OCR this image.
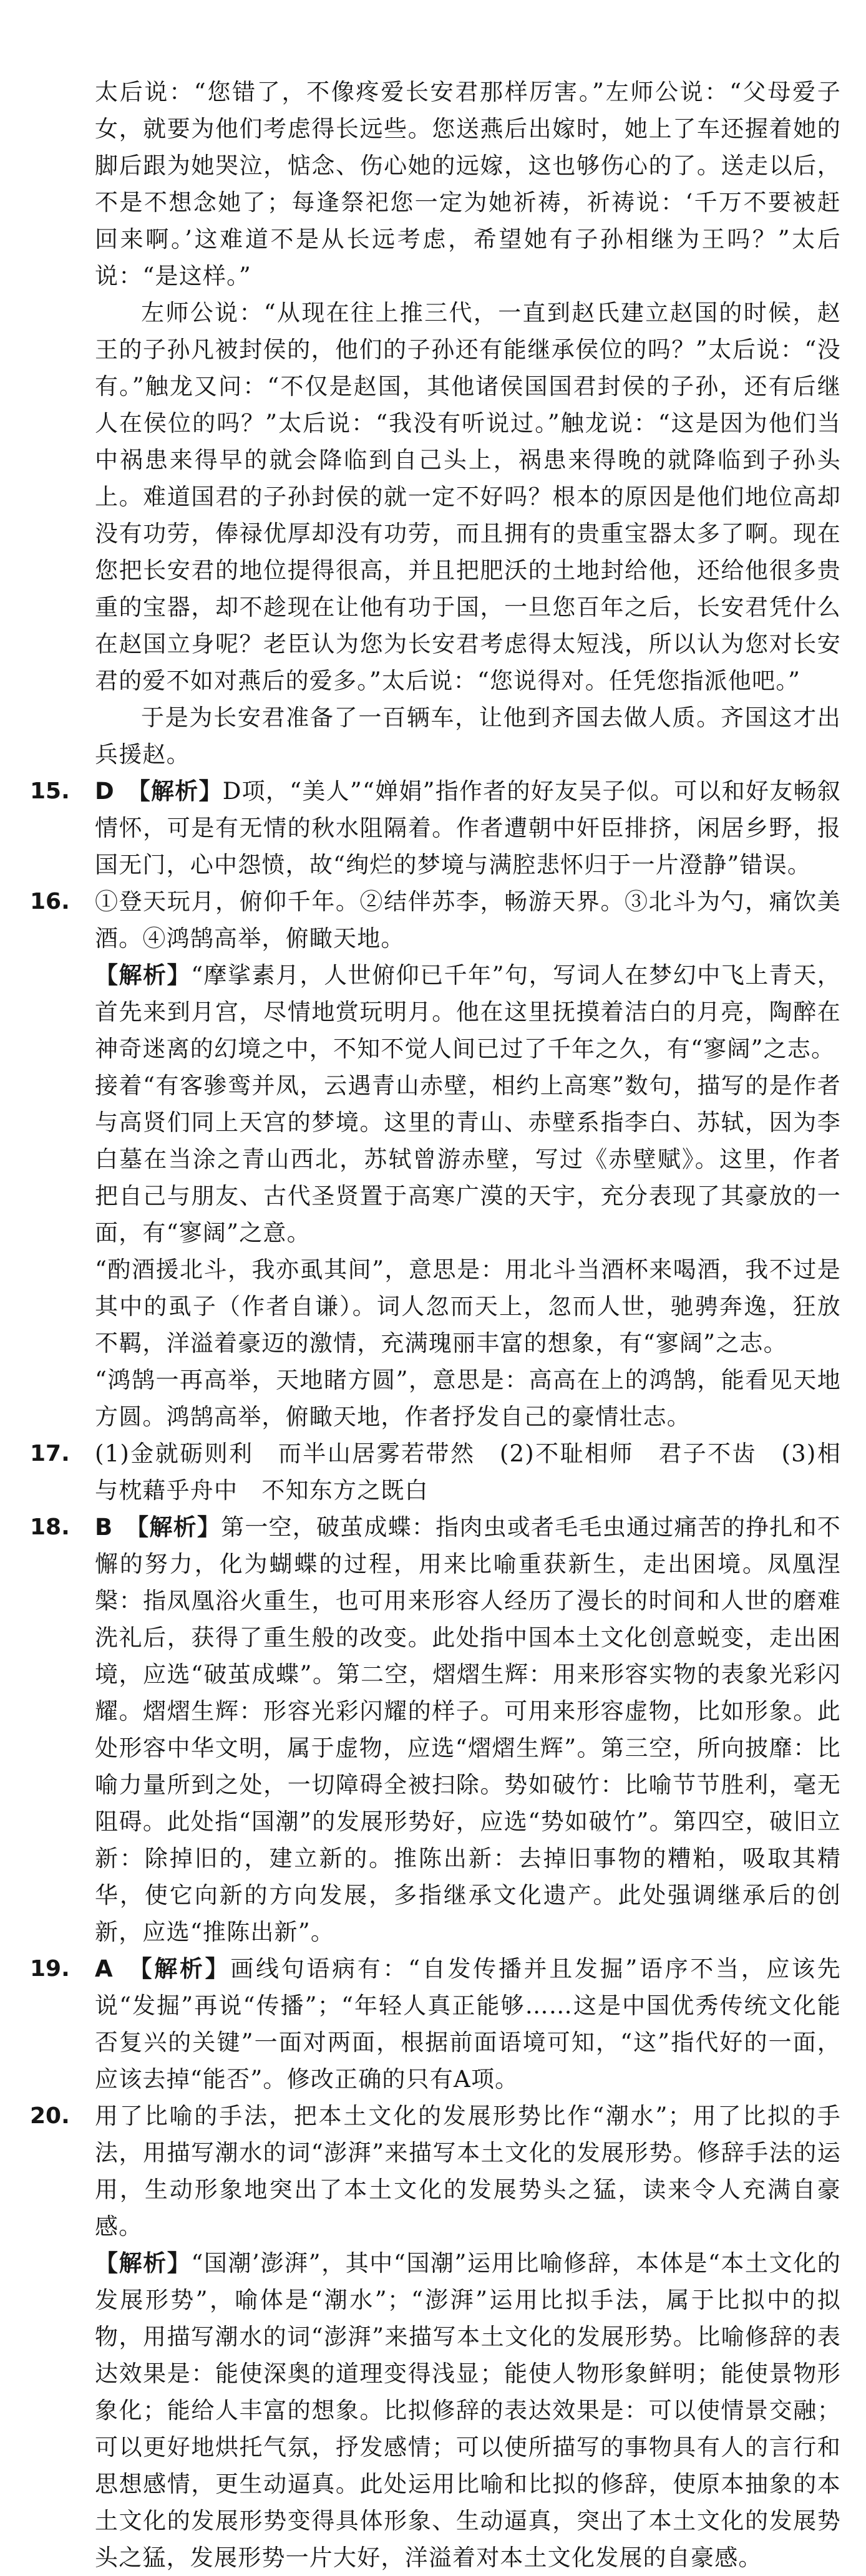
太后说：“您错了，不像疼爱长安君那样厉害。”左师公说：“父母爱子女，就要为他们考虑得长远些。您送燕后出嫁时，她上了车还握着她的脚后跟为她哭泣，惦念、伤心她的远嫁，这也够伤心的了。送走以后，不是不想念她了；每逢祭祀您一定为她祈祷，祈祷说：‘千万不要被赶回来啊。’这难道不是从长远考虑，希望她有子孙相继为王吗？”太后说：“是这样。”

左师公说：“从现在往上推三代，一直到赵氏建立赵国的时候，赵王的子孙凡被封侯的，他们的子孙还有能继承侯位的吗？”太后说：“没有。”触龙又问：“不仅是赵国，其他诸侯国国君封侯的子孙，还有后继人在侯位的吗？”太后说：“我没有听说过。”触龙说：“这是因为他们当中祸患来得早的就会降临到自己头上，祸患来得晚的就降临到子孙头上。难道国君的子孙封侯的就一定不好吗？根本的原因是他们地位高却没有功劳，俸禄优厚却没有功劳，而且拥有的贵重宝器太多了啊。现在您把长安君的地位提得很高，并且把肥沃的土地封给他，还给他很多贵重的宝器，却不趁现在让他有功于国，一旦您百年之后，长安君凭什么在赵国立身呢？老臣认为您为长安君考虑得太短浅，所以认为您对长安君的爱不如对燕后的爱多。”太后说：“您说得对。任凭您指派他吧。”

于是为长安君准备了一百辆车，让他到齐国去做人质。齐国这才出兵援赵。

15. D　 【解析】D项，“美人”“婵娟”指作者的好友吴子似。可以和好友畅叙情怀，可是有无情的秋水阻隔着。作者遭朝中奸臣排挤，闲居乡野，报国无门，心中怨愤，故“绚烂的梦境与满腔悲怀归于一片澄静”错误。

16. ①登天玩月，俯仰千年。②结伴苏李，畅游天界。③北斗为勺，痛饮美酒。④鸿鹄高举，俯瞰天地。

【解析】“摩挲素月，人世俯仰已千年”句，写词人在梦幻中飞上青天，首先来到月宫，尽情地赏玩明月。他在这里抚摸着洁白的月亮，陶醉在神奇迷离的幻境之中，不知不觉人间已过了千年之久，有“寥阔”之志。

接着“有客骖鸾并凤，云遇青山赤壁，相约上高寒”数句，描写的是作者与高贤们同上天宫的梦境。这里的青山、赤壁系指李白、苏轼，因为李白墓在当涂之青山西北，苏轼曾游赤壁，写过《赤壁赋》。这里，作者把自己与朋友、古代圣贤置于高寒广漠的天宇，充分表现了其豪放的一面，有“寥阔”之意。

“酌酒援北斗，我亦虱其间”，意思是：用北斗当酒杯来喝酒，我不过是其中的虱子（作者自谦）。词人忽而天上，忽而人世，驰骋奔逸，狂放不羁，洋溢着豪迈的激情，充满瑰丽丰富的想象，有“寥阔”之志。

“鸿鹄一再高举，天地睹方圆”，意思是：高高在上的鸿鹄，能看见天地方圆。鸿鹄高举，俯瞰天地，作者抒发自己的豪情壮志。

17. (1)金就砺则利　而半山居雾若带然　(2)不耻相师　君子不齿　(3)相与枕藉乎舟中　不知东方之既白

18. B　 【解析】第一空，破茧成蝶：指肉虫或者毛毛虫通过痛苦的挣扎和不懈的努力，化为蝴蝶的过程，用来比喻重获新生，走出困境。凤凰涅槃：指凤凰浴火重生，也可用来形容人经历了漫长的时间和人世的磨难洗礼后，获得了重生般的改变。此处指中国本土文化创意蜕变，走出困境，应选“破茧成蝶”。第二空，熠熠生辉：用来形容实物的表象光彩闪耀。熠熠生辉：形容光彩闪耀的样子。可用来形容虚物，比如形象。此处形容中华文明，属于虚物，应选“熠熠生辉”。第三空，所向披靡：比喻力量所到之处，一切障碍全被扫除。势如破竹：比喻节节胜利，毫无阻碍。此处指“国潮”的发展形势好，应选“势如破竹”。第四空，破旧立新：除掉旧的，建立新的。推陈出新：去掉旧事物的糟粕，吸取其精华，使它向新的方向发展，多指继承文化遗产。此处强调继承后的创新，应选“推陈出新”。

19. A　 【解析】画线句语病有：“自发传播并且发掘”语序不当，应该先说“发掘”再说“传播”；“年轻人真正能够……这是中国优秀传统文化能否复兴的关键”一面对两面，根据前面语境可知，“这”指代好的一面，应该去掉“能否”。修改正确的只有A项。

20. 用了比喻的手法，把本土文化的发展形势比作“潮水”；用了比拟的手法，用描写潮水的词“澎湃”来描写本土文化的发展形势。修辞手法的运用，生动形象地突出了本土文化的发展势头之猛，读来令人充满自豪感。

【解析】“国潮’澎湃”，其中“国潮”运用比喻修辞，本体是“本土文化的发展形势”，喻体是“潮水”；“澎湃”运用比拟手法，属于比拟中的拟物，用描写潮水的词“澎湃”来描写本土文化的发展形势。比喻修辞的表达效果是：能使深奥的道理变得浅显；能使人物形象鲜明；能使景物形象化；能给人丰富的想象。比拟修辞的表达效果是：可以使情景交融；可以更好地烘托气氛，抒发感情；可以使所描写的事物具有人的言行和思想感情，更生动逼真。此处运用比喻和比拟的修辞，使原本抽象的本土文化的发展形势变得具体形象、生动逼真，突出了本土文化的发展势头之猛，发展形势一片大好，洋溢着对本土文化发展的自豪感。
